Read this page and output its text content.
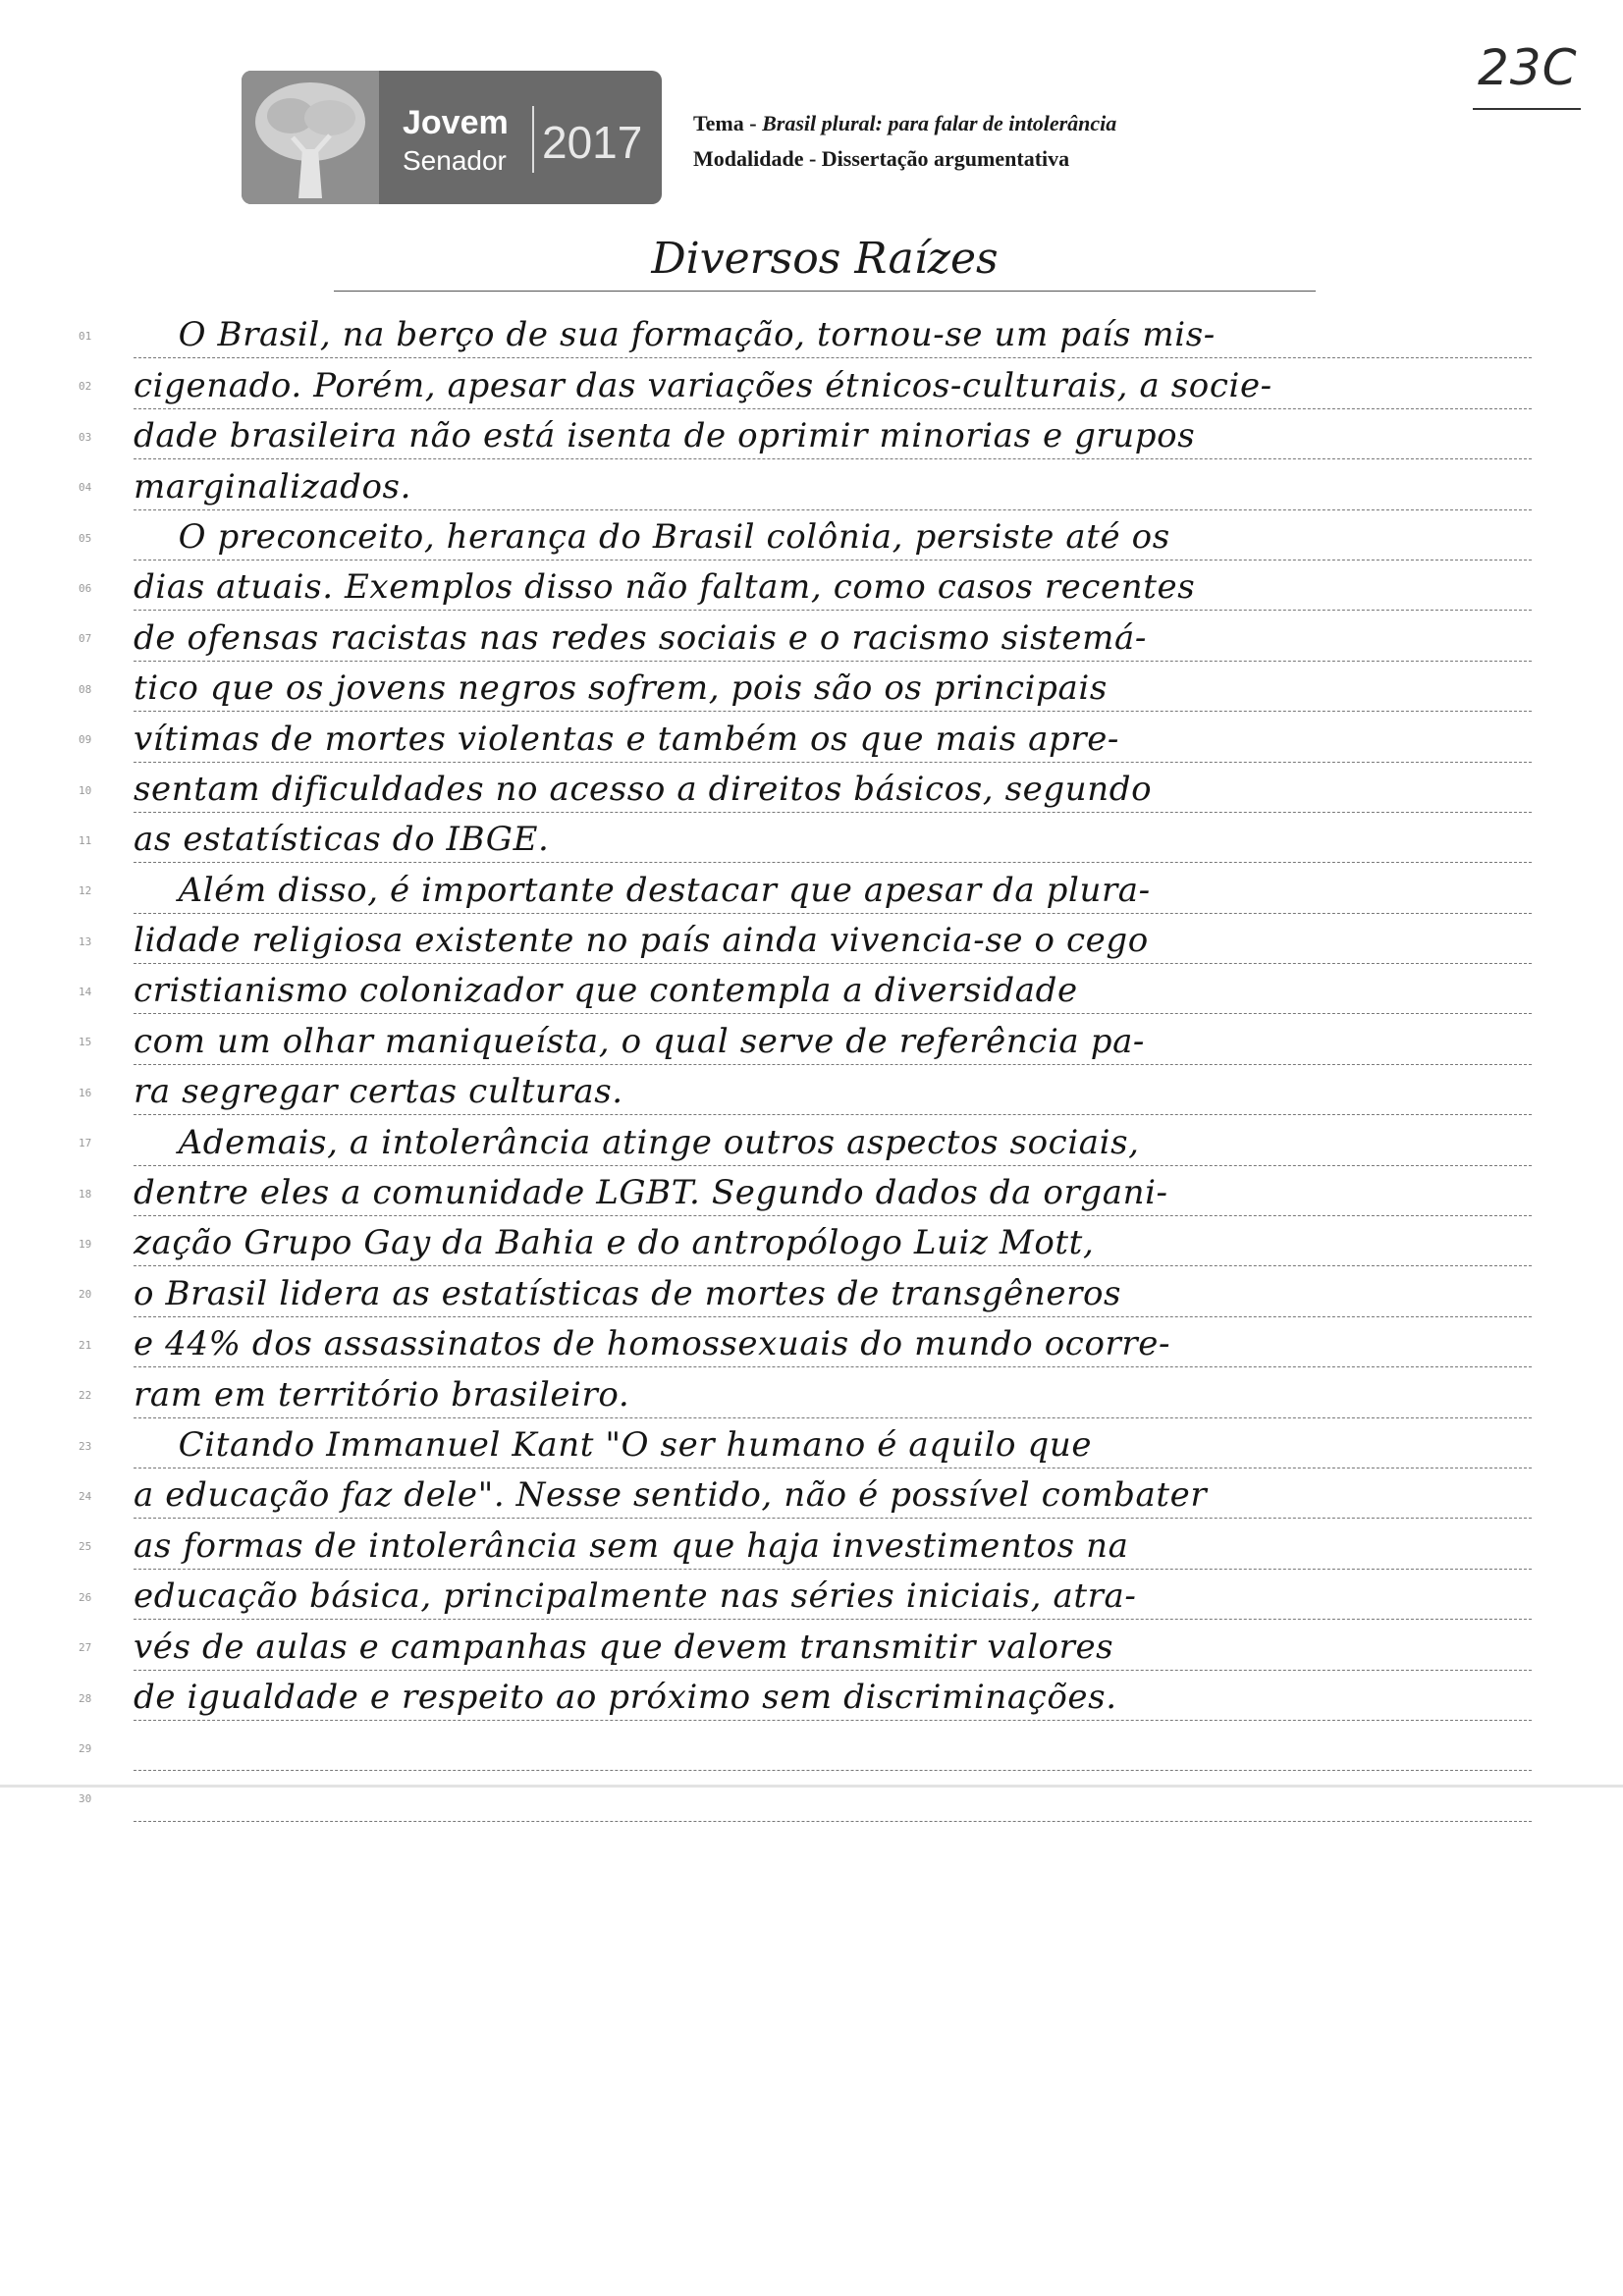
23C
Jovem
Senador 2017 Tema - Brasil plural: para falar de intolerância
Modalidade - Dissertação argumentativa
Diversos Raízes
01	O Brasil, na berço de sua formação, tornou-se um país mis-
02	cigenado. Porém, apesar das variações étnicos-culturais, a socie-
03	dade brasileira não está isenta de oprimir minorias e grupos
04	marginalizados.
05	O preconceito, herança do Brasil colônia, persiste até os
06	dias atuais. Exemplos disso não faltam, como casos recentes
07	de ofensas racistas nas redes sociais e o racismo sistemá-
08	tico que os jovens negros sofrem, pois são os principais
09	vítimas de mortes violentas e também os que mais apre-
10	sentam dificuldades no acesso a direitos básicos, segundo
11	as estatísticas do IBGE.
12	Além disso, é importante destacar que apesar da plura-
13	lidade religiosa existente no país ainda vivencia-se o cego
14	cristianismo colonizador que contempla a diversidade
15	com um olhar maniqueísta, o qual serve de referência pa-
16	ra segregar certas culturas.
17	Ademais, a intolerância atinge outros aspectos sociais,
18	dentre eles a comunidade LGBT. Segundo dados da organi-
19	zação Grupo Gay da Bahia e do antropólogo Luiz Mott,
20	o Brasil lidera as estatísticas de mortes de transgêneros
21	e 44% dos assassinatos de homossexuais do mundo ocorre-
22	ram em território brasileiro.
23	Citando Immanuel Kant "O ser humano é aquilo que
24	a educação faz dele". Nesse sentido, não é possível combater
25	as formas de intolerância sem que haja investimentos na
26	educação básica, principalmente nas séries iniciais, atra-
27	vés de aulas e campanhas que devem transmitir valores
28	de igualdade e respeito ao próximo sem discriminações.
29
30
